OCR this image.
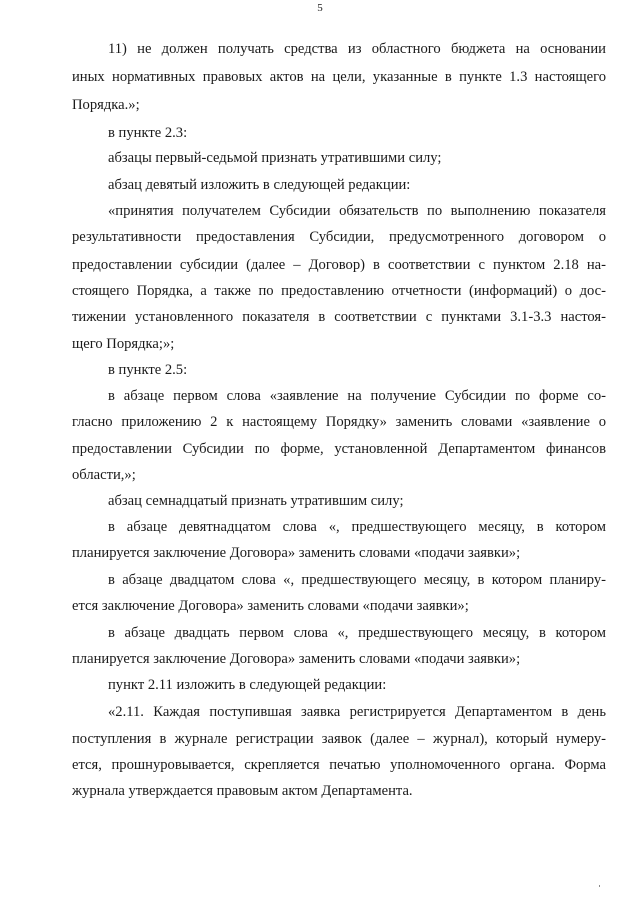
5
11) не должен получать средства из областного бюджета на основании
иных нормативных правовых актов на цели, указанные в пункте 1.3 настоящего
Порядка.»;
в пункте 2.3:
абзацы первый-седьмой признать утратившими силу;
абзац девятый изложить в следующей редакции:
«принятия получателем Субсидии обязательств по выполнению показателя
результативности предоставления Субсидии, предусмотренного договором о
предоставлении субсидии (далее – Договор) в соответствии с пунктом 2.18 на-
стоящего Порядка, а также по предоставлению отчетности (информаций) о дос-
тижении установленного показателя в соответствии с пунктами 3.1-3.3 настоя-
щего Порядка;»;
в пункте 2.5:
в абзаце первом слова «заявление на получение Субсидии по форме со-
гласно приложению 2 к настоящему Порядку» заменить словами «заявление о
предоставлении Субсидии по форме, установленной Департаментом финансов
области,»;
абзац семнадцатый признать утратившим силу;
в абзаце девятнадцатом слова «, предшествующего месяцу, в котором
планируется заключение Договора» заменить словами «подачи заявки»;
в абзаце двадцатом слова «, предшествующего месяцу, в котором планиру-
ется заключение Договора» заменить словами «подачи заявки»;
в абзаце двадцать первом слова «, предшествующего месяцу, в котором
планируется заключение Договора» заменить словами «подачи заявки»;
пункт 2.11 изложить в следующей редакции:
«2.11. Каждая поступившая заявка регистрируется Департаментом в день
поступления в журнале регистрации заявок (далее – журнал), который нумеру-
ется, прошнуровывается, скрепляется печатью уполномоченного органа. Форма
журнала утверждается правовым актом Департамента.
